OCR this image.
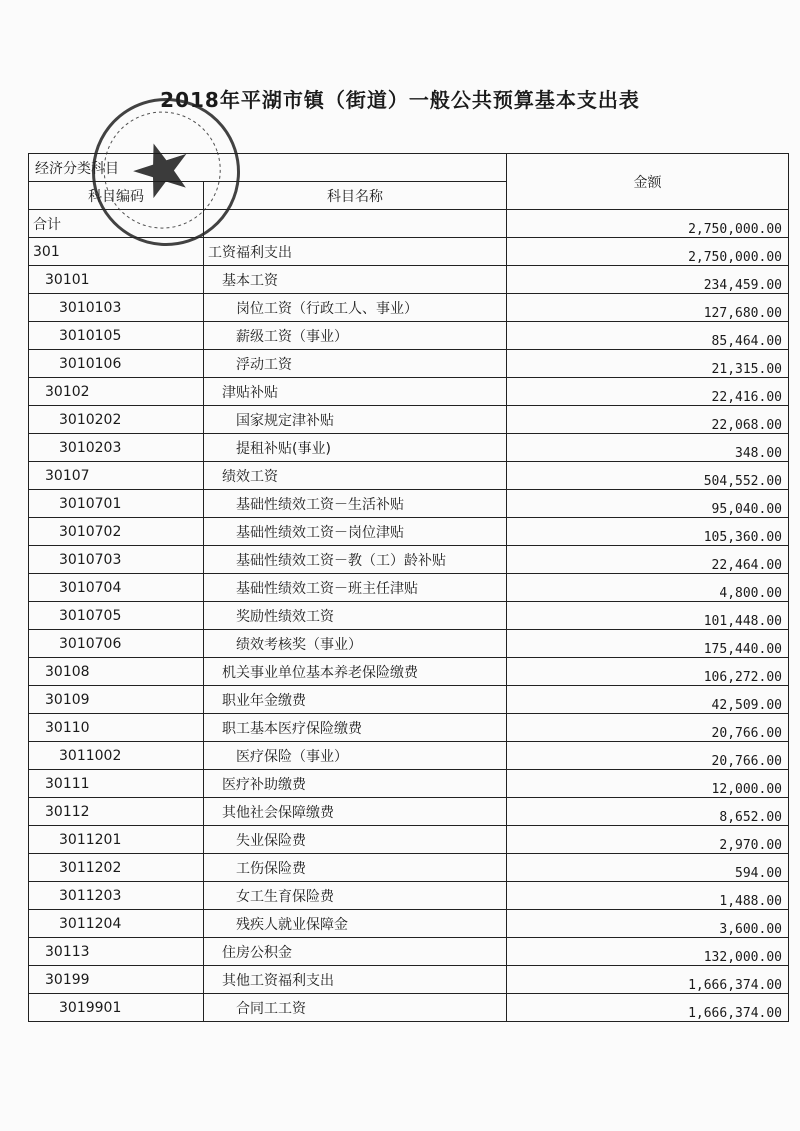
2018年平湖市镇（街道）一般公共预算基本支出表
经济分类科目		金额
科目编码	科目名称	
合计		2,750,000.00
301	工资福利支出	2,750,000.00
30101	基本工资	234,459.00
3010103	岗位工资（行政工人、事业）	127,680.00
3010105	薪级工资（事业）	85,464.00
3010106	浮动工资	21,315.00
30102	津贴补贴	22,416.00
3010202	国家规定津补贴	22,068.00
3010203	提租补贴(事业)	348.00
30107	绩效工资	504,552.00
3010701	基础性绩效工资－生活补贴	95,040.00
3010702	基础性绩效工资－岗位津贴	105,360.00
3010703	基础性绩效工资－教（工）龄补贴	22,464.00
3010704	基础性绩效工资－班主任津贴	4,800.00
3010705	奖励性绩效工资	101,448.00
3010706	绩效考核奖（事业）	175,440.00
30108	机关事业单位基本养老保险缴费	106,272.00
30109	职业年金缴费	42,509.00
30110	职工基本医疗保险缴费	20,766.00
3011002	医疗保险（事业）	20,766.00
30111	医疗补助缴费	12,000.00
30112	其他社会保障缴费	8,652.00
3011201	失业保险费	2,970.00
3011202	工伤保险费	594.00
3011203	女工生育保险费	1,488.00
3011204	残疾人就业保障金	3,600.00
30113	住房公积金	132,000.00
30199	其他工资福利支出	1,666,374.00
3019901	合同工工资	1,666,374.00
